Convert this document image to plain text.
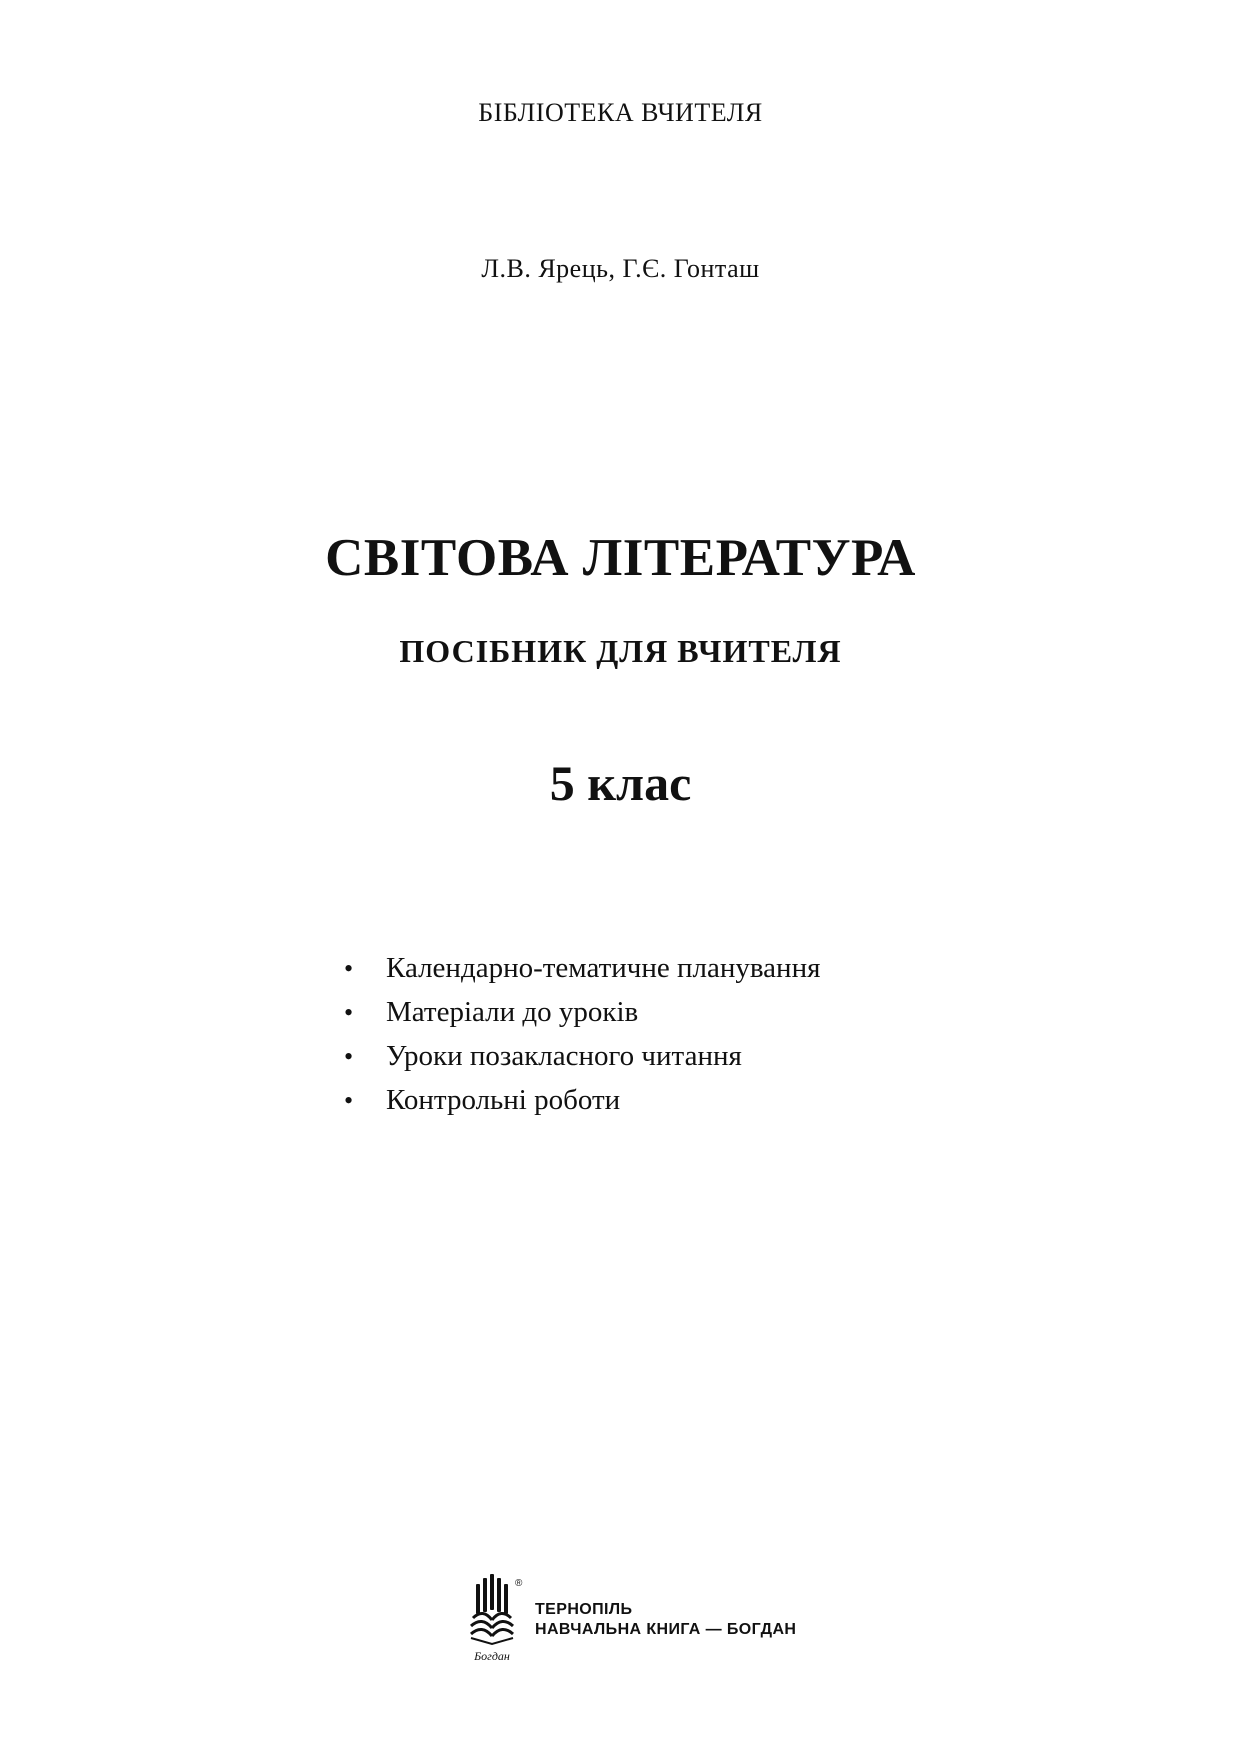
БІБЛІОТЕКА ВЧИТЕЛЯ
Л.В. Ярець, Г.Є. Гонташ
СВІТОВА ЛІТЕРАТУРА
ПОСІБНИК ДЛЯ ВЧИТЕЛЯ
5 клас
• Календарно-тематичне планування
• Матеріали до уроків
• Уроки позакласного читання
• Контрольні роботи
Богдан
®
ТЕРНОПІЛЬ
НАВЧАЛЬНА КНИГА — БОГДАН
